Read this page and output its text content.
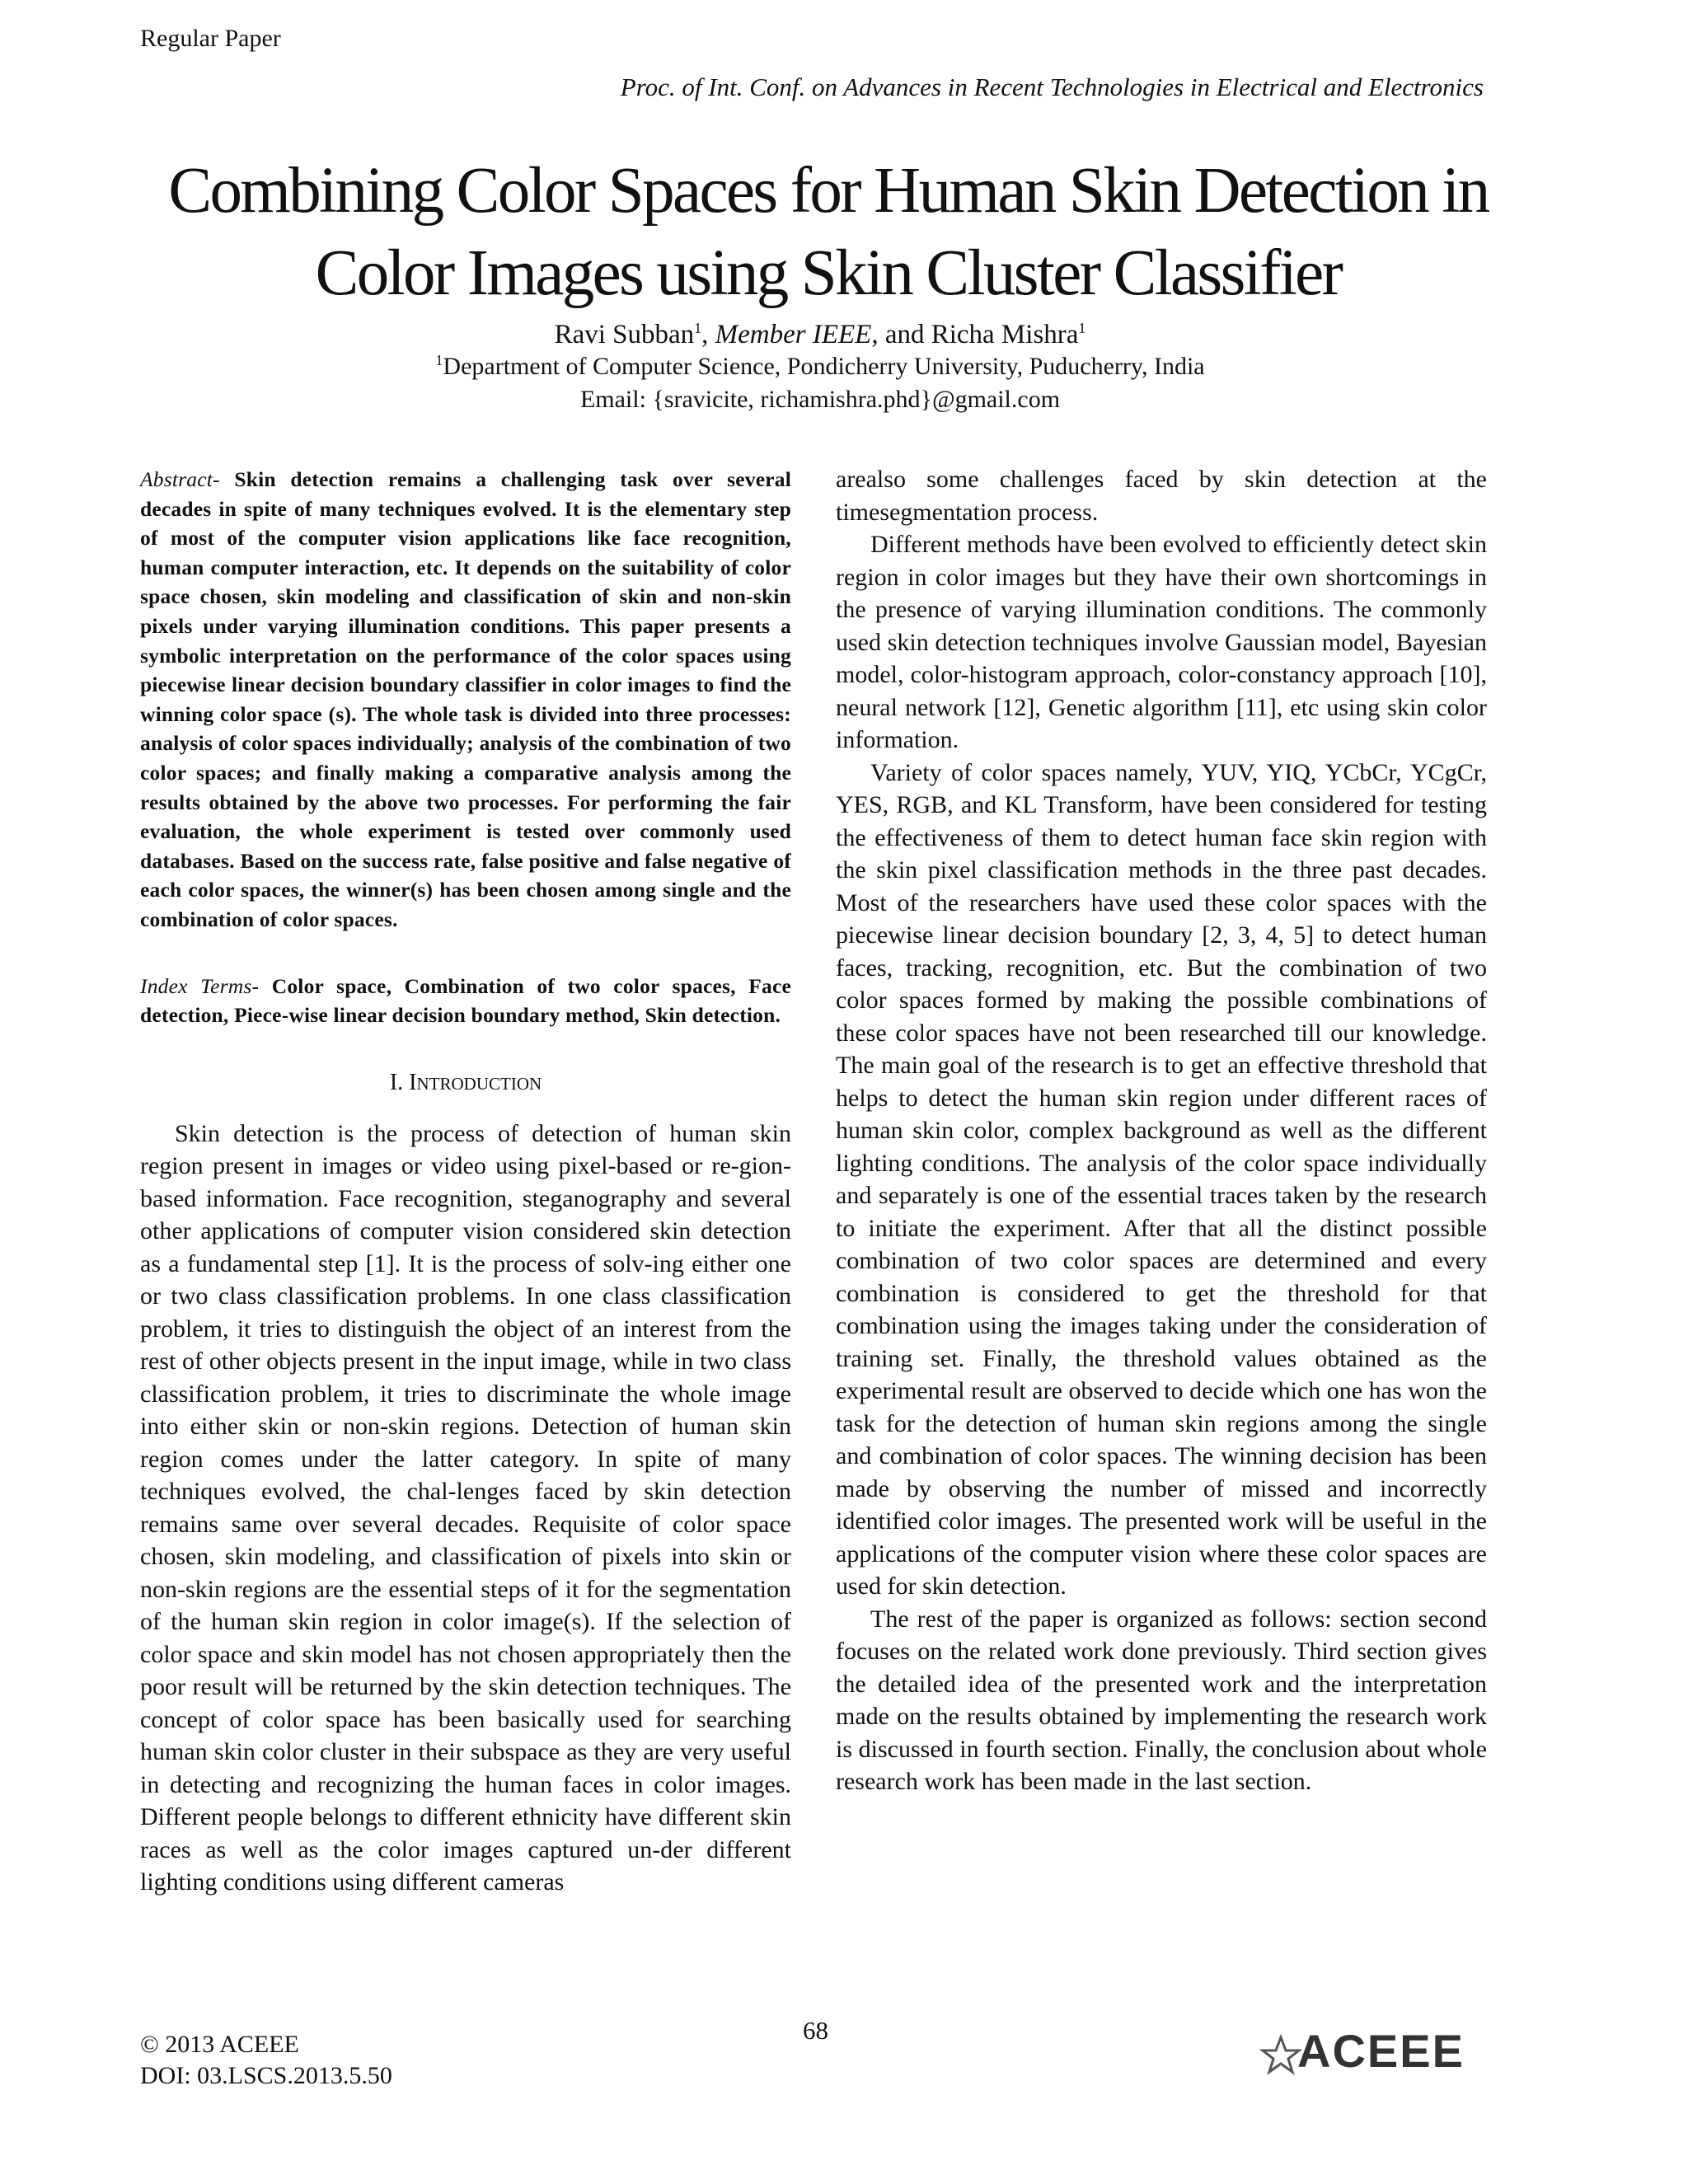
Regular Paper
Proc. of Int. Conf. on Advances in Recent Technologies in Electrical and Electronics
Combining Color Spaces for Human Skin Detection in
Color Images using Skin Cluster Classifier
Ravi Subban$^1$, Member IEEE, and Richa Mishra$^1$
$^1$Department of Computer Science, Pondicherry University, Puducherry, India
Email: {sravicite, richamishra.phd}@gmail.com

Abstract- Skin detection remains a challenging task over several decades in spite of many techniques evolved. It is the elementary step of most of the computer vision applications like face recognition, human computer interaction, etc. It depends on the suitability of color space chosen, skin modeling and classification of skin and non-skin pixels under varying illumination conditions. This paper presents a symbolic interpretation on the performance of the color spaces using piecewise linear decision boundary classifier in color images to find the winning color space (s). The whole task is divided into three processes: analysis of color spaces individually; analysis of the combination of two color spaces; and finally making a comparative analysis among the results obtained by the above two processes. For performing the fair evaluation, the whole experiment is tested over commonly used databases. Based on the success rate, false positive and false negative of each color spaces, the winner(s) has been chosen among single and the combination of color spaces.

Index Terms- Color space, Combination of two color spaces, Face detection, Piece-wise linear decision boundary method, Skin detection.

I. INTRODUCTION

Skin detection is the process of detection of human skin region present in images or video using pixel-based or re-gion-based information. Face recognition, steganography and several other applications of computer vision considered skin detection as a fundamental step [1]. It is the process of solv-ing either one or two class classification problems. In one class classification problem, it tries to distinguish the object of an interest from the rest of other objects present in the input image, while in two class classification problem, it tries to discriminate the whole image into either skin or non-skin regions. Detection of human skin region comes under the latter category. In spite of many techniques evolved, the chal-lenges faced by skin detection remains same over several decades. Requisite of color space chosen, skin modeling, and classification of pixels into skin or non-skin regions are the essential steps of it for the segmentation of the human skin region in color image(s). If the selection of color space and skin model has not chosen appropriately then the poor result will be returned by the skin detection techniques. The concept of color space has been basically used for searching human skin color cluster in their subspace as they are very useful in detecting and recognizing the human faces in color images. Different people belongs to different ethnicity have different skin races as well as the color images captured un-der different lighting conditions using different cameras

arealso some challenges faced by skin detection at the timesegmentation process.

Different methods have been evolved to efficiently detect skin region in color images but they have their own shortcomings in the presence of varying illumination conditions. The commonly used skin detection techniques involve Gaussian model, Bayesian model, color-histogram approach, color-constancy approach [10], neural network [12], Genetic algorithm [11], etc using skin color information.

Variety of color spaces namely, YUV, YIQ, YCbCr, YCgCr, YES, RGB, and KL Transform, have been considered for testing the effectiveness of them to detect human face skin region with the skin pixel classification methods in the three past decades. Most of the researchers have used these color spaces with the piecewise linear decision boundary [2, 3, 4, 5] to detect human faces, tracking, recognition, etc. But the combination of two color spaces formed by making the possible combinations of these color spaces have not been researched till our knowledge. The main goal of the research is to get an effective threshold that helps to detect the human skin region under different races of human skin color, complex background as well as the different lighting conditions. The analysis of the color space individually and separately is one of the essential traces taken by the research to initiate the experiment. After that all the distinct possible combination of two color spaces are determined and every combination is considered to get the threshold for that combination using the images taking under the consideration of training set. Finally, the threshold values obtained as the experimental result are observed to decide which one has won the task for the detection of human skin regions among the single and combination of color spaces. The winning decision has been made by observing the number of missed and incorrectly identified color images. The presented work will be useful in the applications of the computer vision where these color spaces are used for skin detection.

The rest of the paper is organized as follows: section second focuses on the related work done previously. Third section gives the detailed idea of the presented work and the interpretation made on the results obtained by implementing the research work is discussed in fourth section. Finally, the conclusion about whole research work has been made in the last section.

68
© 2013 ACEEE
DOI: 03.LSCS.2013.5.50	ACEEE
